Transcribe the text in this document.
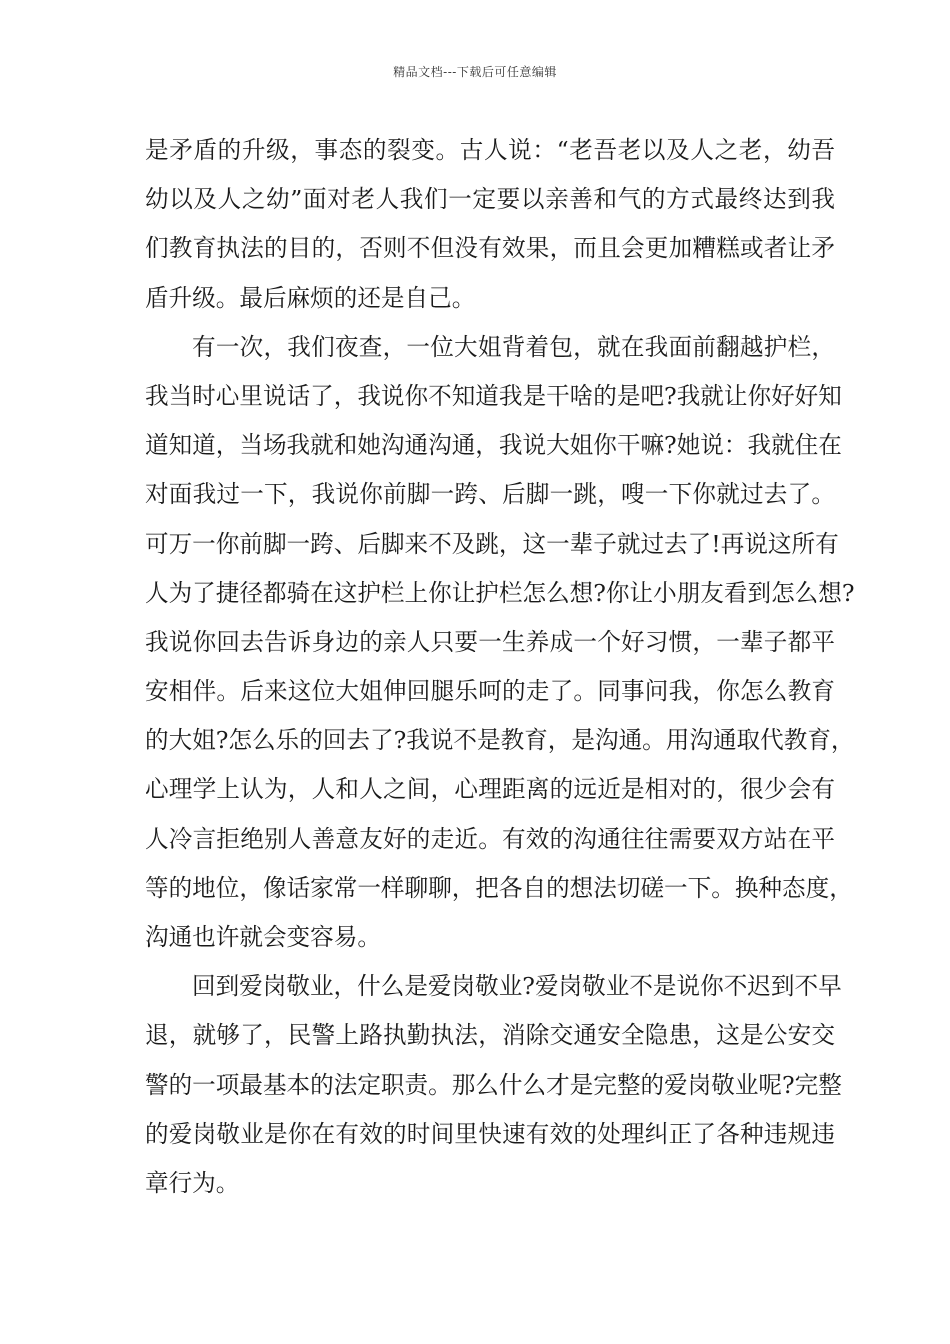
精品文档---下载后可任意编辑
是矛盾的升级，事态的裂变。古人说：“老吾老以及人之老，幼吾
幼以及人之幼”面对老人我们一定要以亲善和气的方式最终达到我
们教育执法的目的，否则不但没有效果，而且会更加糟糕或者让矛
盾升级。最后麻烦的还是自己。
有一次，我们夜查，一位大姐背着包，就在我面前翻越护栏，
我当时心里说话了，我说你不知道我是干啥的是吧?我就让你好好知
道知道，当场我就和她沟通沟通，我说大姐你干嘛?她说：我就住在
对面我过一下，我说你前脚一跨、后脚一跳，嗖一下你就过去了。
可万一你前脚一跨、后脚来不及跳，这一辈子就过去了!再说这所有
人为了捷径都骑在这护栏上你让护栏怎么想?你让小朋友看到怎么想?
我说你回去告诉身边的亲人只要一生养成一个好习惯，一辈子都平
安相伴。后来这位大姐伸回腿乐呵的走了。同事问我，你怎么教育
的大姐?怎么乐的回去了?我说不是教育，是沟通。用沟通取代教育，
心理学上认为，人和人之间，心理距离的远近是相对的，很少会有
人冷言拒绝别人善意友好的走近。有效的沟通往往需要双方站在平
等的地位，像话家常一样聊聊，把各自的想法切磋一下。换种态度，
沟通也许就会变容易。
回到爱岗敬业，什么是爱岗敬业?爱岗敬业不是说你不迟到不早
退，就够了，民警上路执勤执法，消除交通安全隐患，这是公安交
警的一项最基本的法定职责。那么什么才是完整的爱岗敬业呢?完整
的爱岗敬业是你在有效的时间里快速有效的处理纠正了各种违规违
章行为。
